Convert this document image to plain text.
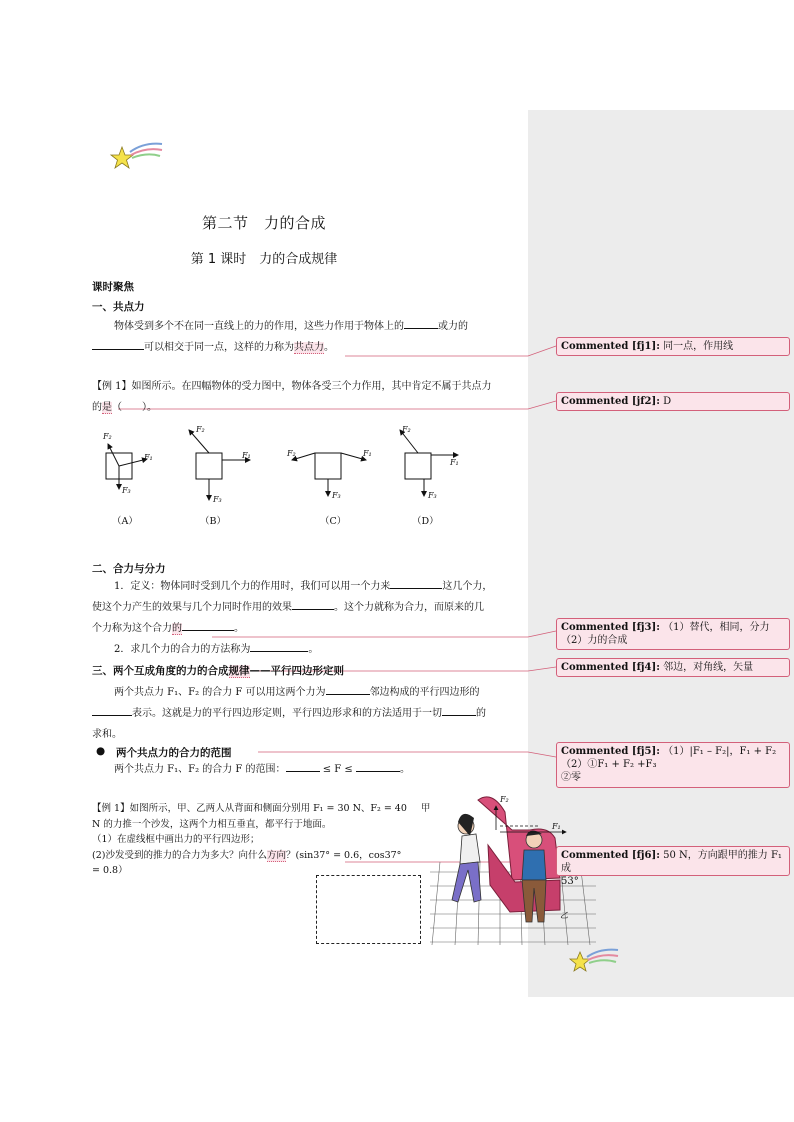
第二节　力的合成
第 1 课时　力的合成规律
课时聚焦
一、共点力
物体受到多个不在同一直线上的力的作用，这些力作用于物体上的	或力的
可以相交于同一点，这样的力称为共点力。
【例 1】如图所示。在四幅物体的受力图中，物体各受三个力作用，其中肯定不属于共点力
的是（　　）。
F₂
F₁
F₃
F₂
F₁
F₃
F₂	F₁
F₃
F₂
F₁
F₃
（A）	（B）	（C）	（D）
二、合力与分力
1．定义：物体同时受到几个力的作用时，我们可以用一个力来	这几个力，
使这个力产生的效果与几个力同时作用的效果	。这个力就称为合力，而原来的几
个力称为这个合力的	。
2．求几个力的合力的方法称为	。
三、两个互成角度的力的合成规律——平行四边形定则
两个共点力 F₁、F₂ 的合力 F 可以用这两个力为	邻边构成的平行四边形的
表示。这就是力的平行四边形定则，平行四边形求和的方法适用于一切	的
求和。
● 两个共点力的合力的范围
两个共点力 F₁、F₂ 的合力 F 的范围：	≤ F ≤	。
【例 1】如图所示，甲、乙两人从背面和侧面分别用 F₁ = 30 N、F₂ = 40 甲
N 的力推一个沙发，这两个力相互垂直，都平行于地面。
（1）在虚线框中画出力的平行四边形；
(2)沙发受到的推力的合力为多大？向什么方向？(sin37° = 0.6，cos37°
= 0.8）
F₂
F₁
乙
Commented [fj1]: 同一点，作用线
Commented [jf2]: D
Commented [fj3]: （1）替代，相同，分力
（2）力的合成
Commented [fj4]: 邻边，对角线，矢量
Commented [fj5]: （1）|F₁ – F₂|，F₁ + F₂
（2）①F₁ + F₂ +F₃
②零
Commented [fj6]: 50 N，方向跟甲的推力 F₁ 成
53°
